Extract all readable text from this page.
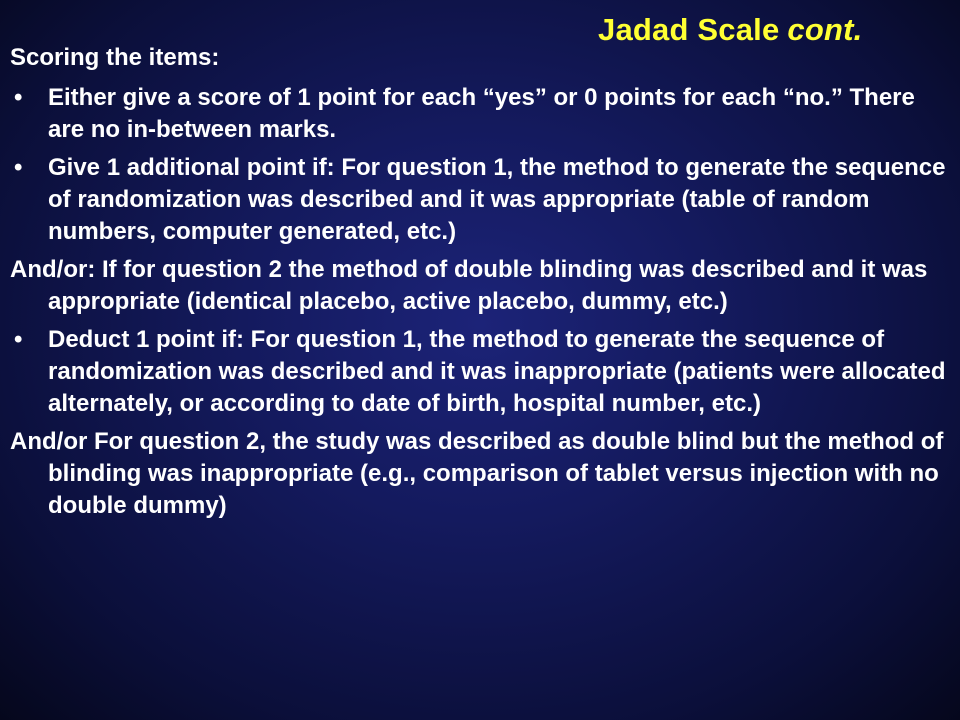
Jadad Scale cont.
Scoring the items:
•	Either give a score of 1 point for each “yes” or 0 points for each “no.” There are no in-between marks.
•	Give 1 additional point if: For question 1, the method to generate the sequence of randomization was described and it was appropriate (table of random numbers, computer generated, etc.)
And/or: If for question 2 the method of double blinding was described and it was appropriate (identical placebo, active placebo, dummy, etc.)
•	Deduct 1 point if: For question 1, the method to generate the sequence of randomization was described and it was inappropriate (patients were allocated alternately, or according to date of birth, hospital number, etc.)
And/or For question 2, the study was described as double blind but the method of blinding was inappropriate (e.g., comparison of tablet versus injection with no double dummy)
